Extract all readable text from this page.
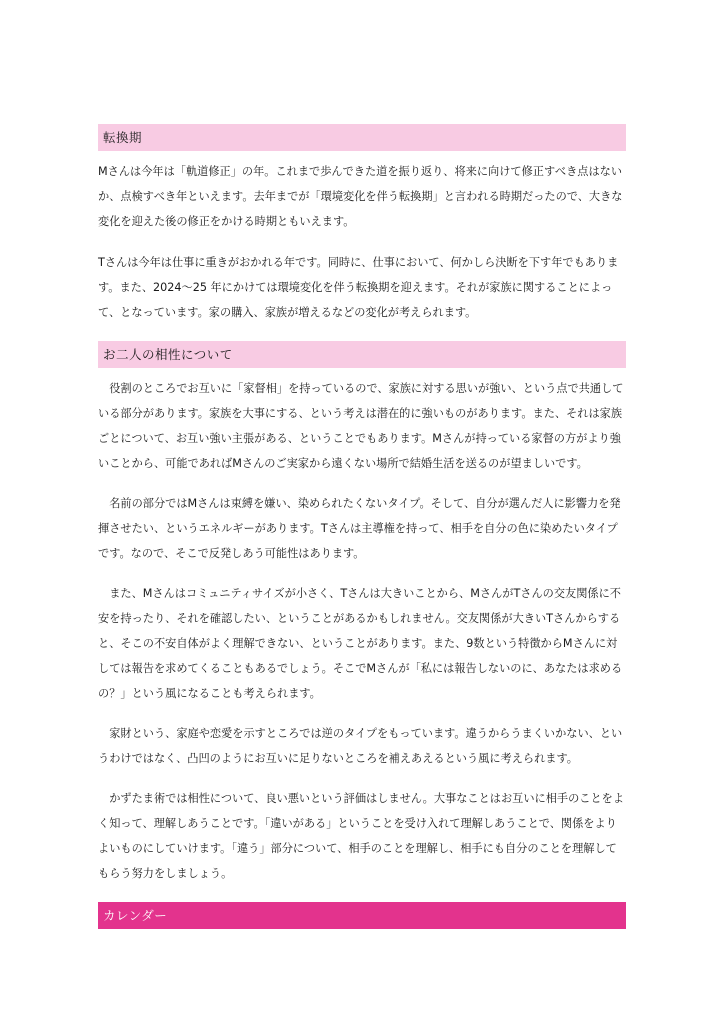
転換期

Mさんは今年は「軌道修正」の年。これまで歩んできた道を振り返り、将来に向けて修正すべき点はないか、点検すべき年といえます。去年までが「環境変化を伴う転換期」と言われる時期だったので、大きな変化を迎えた後の修正をかける時期ともいえます。

Tさんは今年は仕事に重きがおかれる年です。同時に、仕事において、何かしら決断を下す年でもあります。また、2024～25 年にかけては環境変化を伴う転換期を迎えます。それが家族に関することによって、となっています。家の購入、家族が増えるなどの変化が考えられます。

お二人の相性について

役割のところでお互いに「家督相」を持っているので、家族に対する思いが強い、という点で共通している部分があります。家族を大事にする、という考えは潜在的に強いものがあります。また、それは家族ごとについて、お互い強い主張がある、ということでもあります。Mさんが持っている家督の方がより強いことから、可能であればMさんのご実家から遠くない場所で結婚生活を送るのが望ましいです。

名前の部分ではMさんは束縛を嫌い、染められたくないタイプ。そして、自分が選んだ人に影響力を発揮させたい、というエネルギーがあります。Tさんは主導権を持って、相手を自分の色に染めたいタイプです。なので、そこで反発しあう可能性はあります。

また、Mさんはコミュニティサイズが小さく、Tさんは大きいことから、MさんがTさんの交友関係に不安を持ったり、それを確認したい、ということがあるかもしれません。交友関係が大きいTさんからすると、そこの不安自体がよく理解できない、ということがあります。また、9数という特徴からMさんに対しては報告を求めてくることもあるでしょう。そこでMさんが「私には報告しないのに、あなたは求めるの？」という風になることも考えられます。

家財という、家庭や恋愛を示すところでは逆のタイプをもっています。違うからうまくいかない、というわけではなく、凸凹のようにお互いに足りないところを補えあえるという風に考えられます。

かずたま術では相性について、良い悪いという評価はしません。大事なことはお互いに相手のことをよく知って、理解しあうことです。「違いがある」ということを受け入れて理解しあうことで、関係をよりよいものにしていけます。「違う」部分について、相手のことを理解し、相手にも自分のことを理解してもらう努力をしましょう。

カレンダー
